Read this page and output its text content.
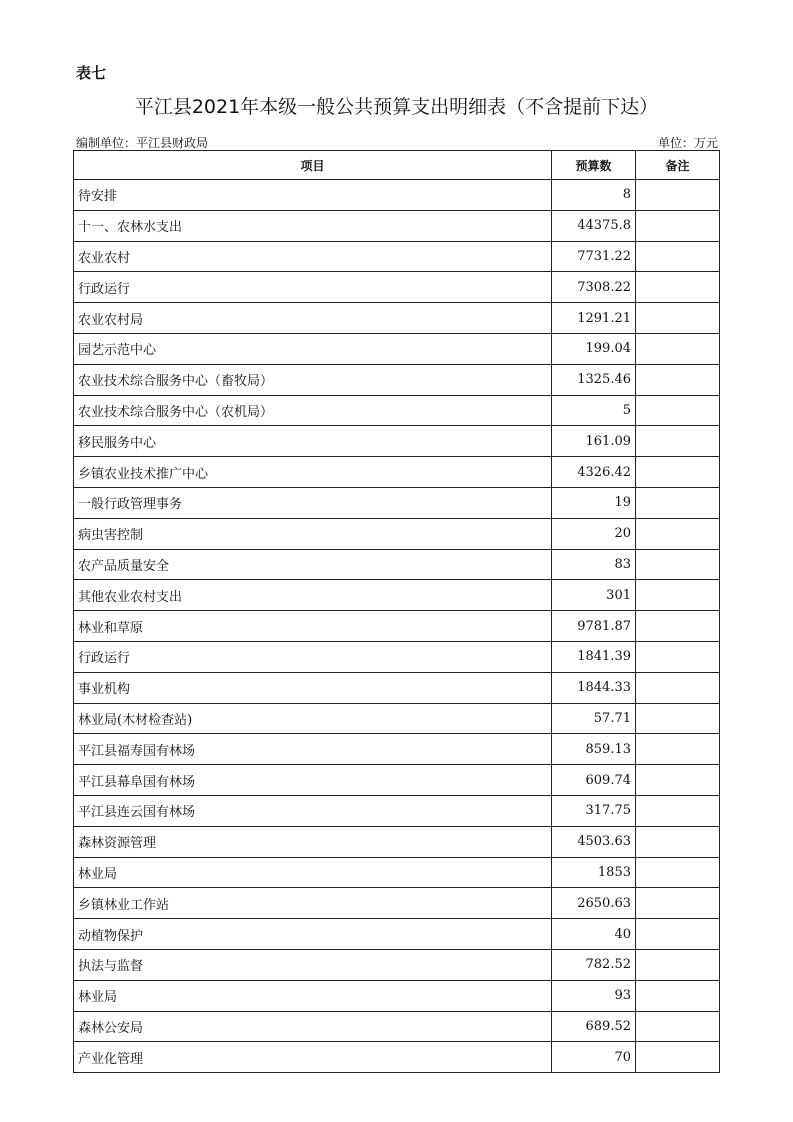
表七
平江县2021年本级一般公共预算支出明细表（不含提前下达）
编制单位：平江县财政局	单位：万元
项目	预算数	备注
待安排	8	
十一、农林水支出	44375.8	
农业农村	7731.22	
行政运行	7308.22	
农业农村局	1291.21	
园艺示范中心	199.04	
农业技术综合服务中心（畜牧局）	1325.46	
农业技术综合服务中心（农机局）	5	
移民服务中心	161.09	
乡镇农业技术推广中心	4326.42	
一般行政管理事务	19	
病虫害控制	20	
农产品质量安全	83	
其他农业农村支出	301	
林业和草原	9781.87	
行政运行	1841.39	
事业机构	1844.33	
林业局(木材检查站)	57.71	
平江县福寿国有林场	859.13	
平江县幕阜国有林场	609.74	
平江县连云国有林场	317.75	
森林资源管理	4503.63	
林业局	1853	
乡镇林业工作站	2650.63	
动植物保护	40	
执法与监督	782.52	
林业局	93	
森林公安局	689.52	
产业化管理	70	
